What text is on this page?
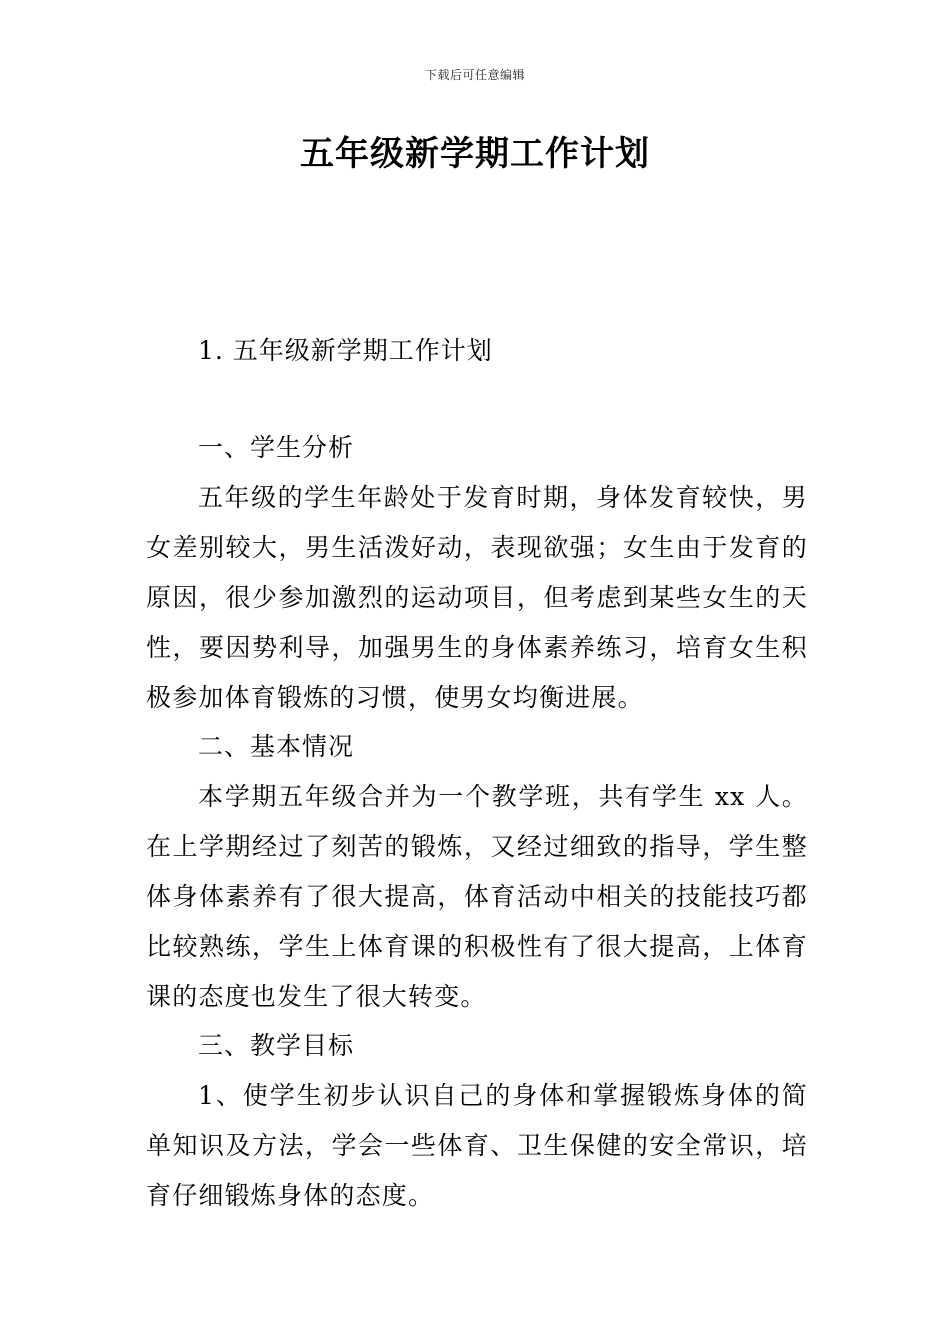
下载后可任意编辑
五年级新学期工作计划
1. 五年级新学期工作计划
一、学生分析
五年级的学生年龄处于发育时期，身体发育较快，男女差别较大，男生活泼好动，表现欲强；女生由于发育的原因，很少参加激烈的运动项目，但考虑到某些女生的天性，要因势利导，加强男生的身体素养练习，培育女生积极参加体育锻炼的习惯，使男女均衡进展。
二、基本情况
本学期五年级合并为一个教学班，共有学生 xx 人。在上学期经过了刻苦的锻炼，又经过细致的指导，学生整体身体素养有了很大提高，体育活动中相关的技能技巧都比较熟练，学生上体育课的积极性有了很大提高，上体育课的态度也发生了很大转变。
三、教学目标
1、使学生初步认识自己的身体和掌握锻炼身体的简单知识及方法，学会一些体育、卫生保健的安全常识，培育仔细锻炼身体的态度。
